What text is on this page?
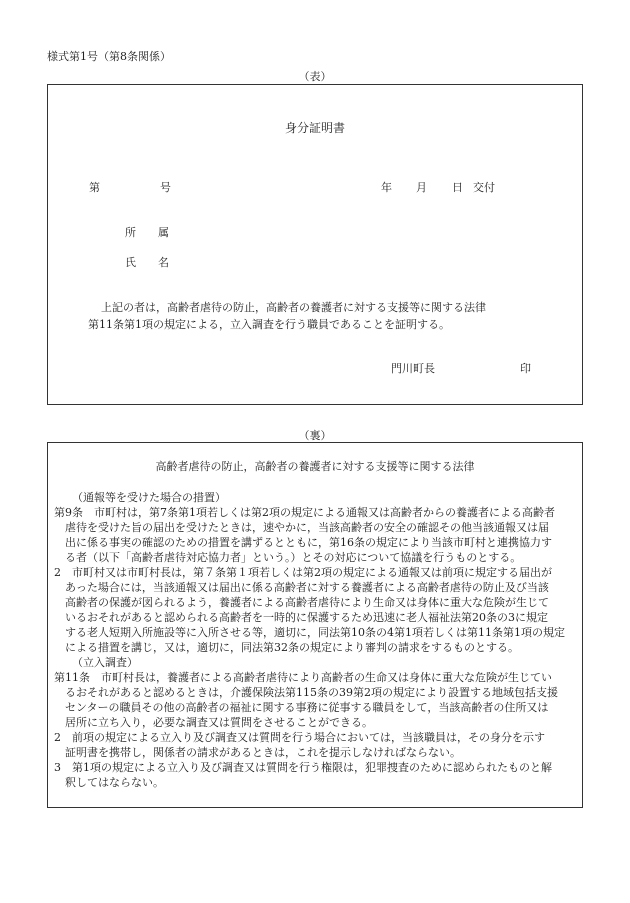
様式第1号（第8条関係）
（表）
身分証明書
第	号	年 月 日 交付
所　　属
氏　　名
上記の者は，高齢者虐待の防止，高齢者の養護者に対する支援等に関する法律
第11条第1項の規定による，立入調査を行う職員であることを証明する。
門川町長	印
（裏）
高齢者虐待の防止，高齢者の養護者に対する支援等に関する法律
（通報等を受けた場合の措置）
第9条　市町村は，第7条第1項若しくは第2項の規定による通報又は高齢者からの養護者による高齢者
虐待を受けた旨の届出を受けたときは，速やかに，当該高齢者の安全の確認その他当該通報又は届
出に係る事実の確認のための措置を講ずるとともに，第16条の規定により当該市町村と連携協力す
る者（以下「高齢者虐待対応協力者」という。）とその対応について協議を行うものとする。
2　市町村又は市町村長は，第７条第１項若しくは第2項の規定による通報又は前項に規定する届出が
あった場合には，当該通報又は届出に係る高齢者に対する養護者による高齢者虐待の防止及び当該
高齢者の保護が図られるよう，養護者による高齢者虐待により生命又は身体に重大な危険が生じて
いるおそれがあると認められる高齢者を一時的に保護するため迅速に老人福祉法第20条の3に規定
する老人短期入所施設等に入所させる等，適切に，同法第10条の4第1項若しくは第11条第1項の規定
による措置を講じ，又は，適切に，同法第32条の規定により審判の請求をするものとする。
（立入調査）
第11条　市町村長は，養護者による高齢者虐待により高齢者の生命又は身体に重大な危険が生じてい
るおそれがあると認めるときは，介護保険法第115条の39第2項の規定により設置する地域包括支援
センターの職員その他の高齢者の福祉に関する事務に従事する職員をして，当該高齢者の住所又は
居所に立ち入り，必要な調査又は質問をさせることができる。
2　前項の規定による立入り及び調査又は質問を行う場合においては，当該職員は，その身分を示す
証明書を携帯し，関係者の請求があるときは，これを提示しなければならない。
3　第1項の規定による立入り及び調査又は質問を行う権限は，犯罪捜査のために認められたものと解
釈してはならない。
